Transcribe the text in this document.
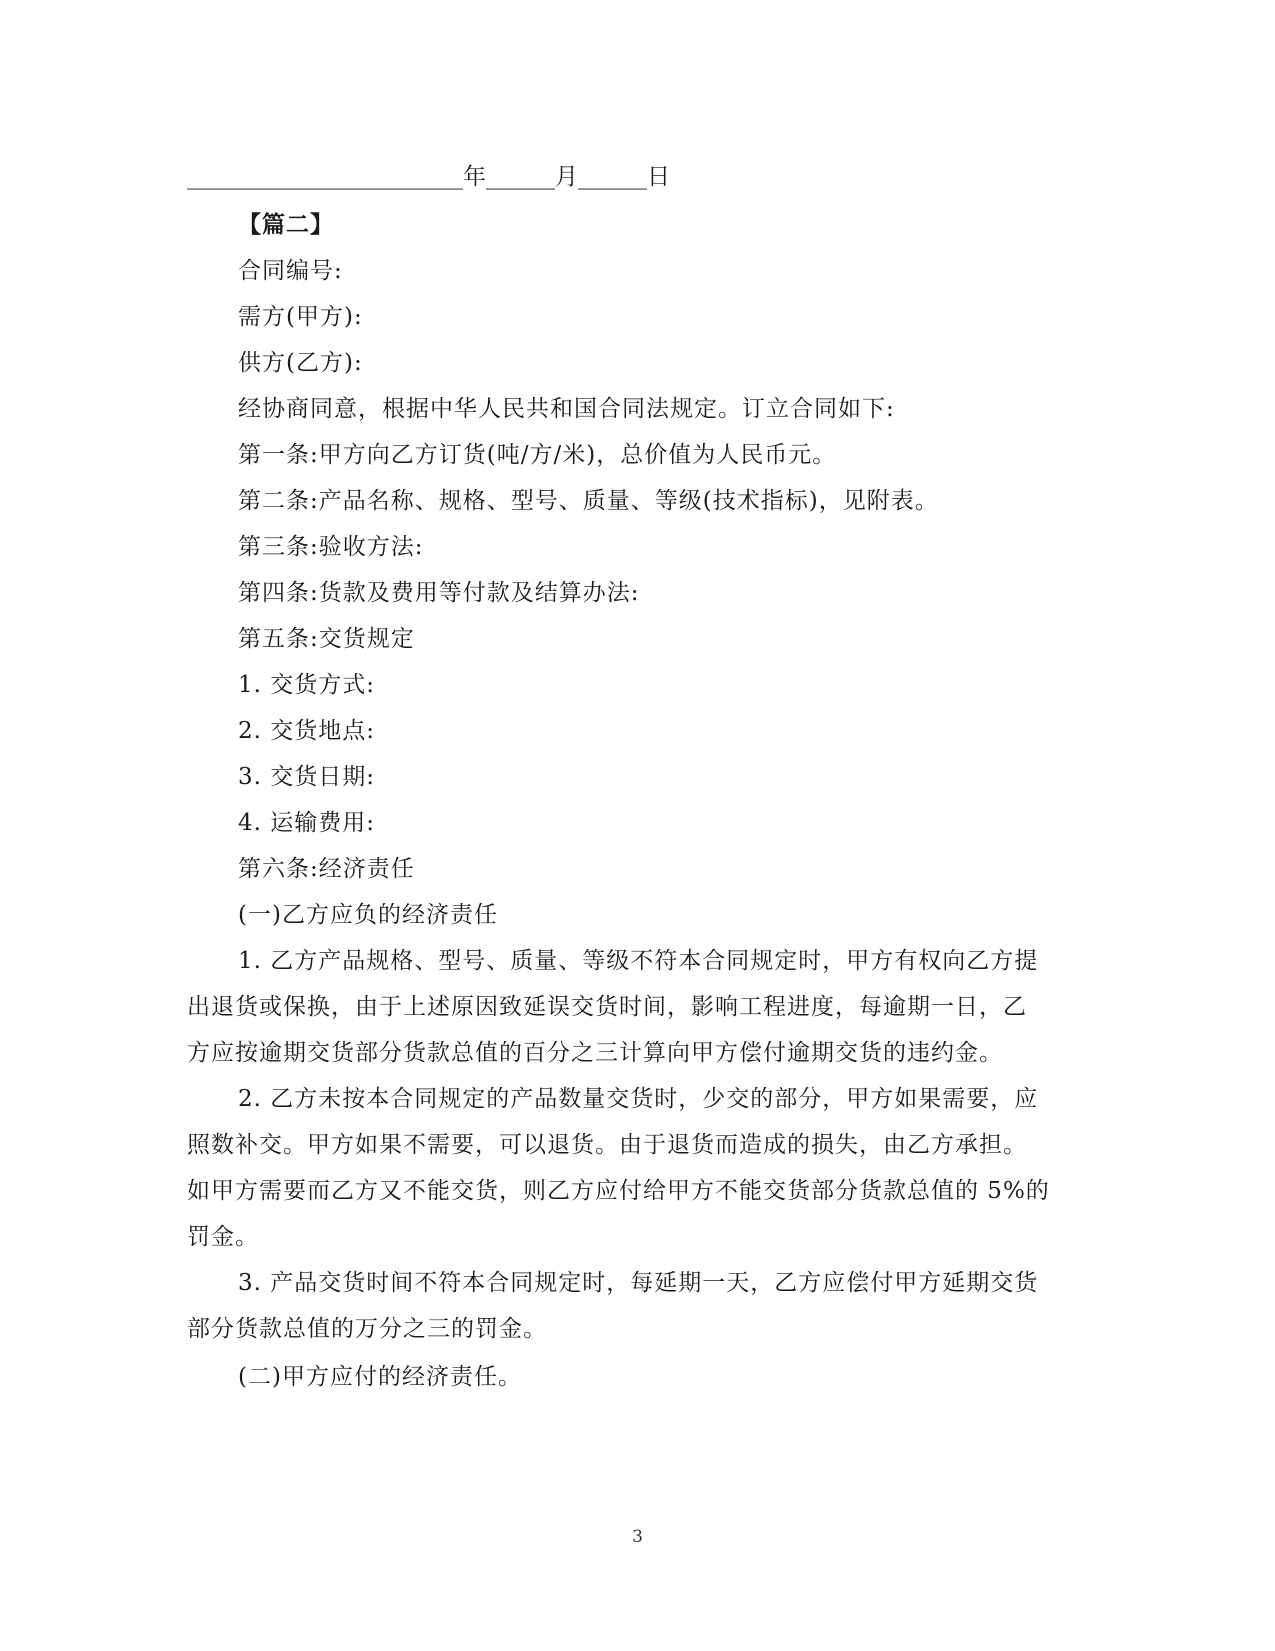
________________________年______月______日
【篇二】
合同编号:
需方(甲方):
供方(乙方):
经协商同意，根据中华人民共和国合同法规定。订立合同如下:
第一条:甲方向乙方订货(吨/方/米)，总价值为人民币元。
第二条:产品名称、规格、型号、质量、等级(技术指标)，见附表。
第三条:验收方法:
第四条:货款及费用等付款及结算办法:
第五条:交货规定
1. 交货方式:
2. 交货地点:
3. 交货日期:
4. 运输费用:
第六条:经济责任
(一)乙方应负的经济责任
1. 乙方产品规格、型号、质量、等级不符本合同规定时，甲方有权向乙方提
出退货或保换，由于上述原因致延误交货时间，影响工程进度，每逾期一日，乙
方应按逾期交货部分货款总值的百分之三计算向甲方偿付逾期交货的违约金。
2. 乙方未按本合同规定的产品数量交货时，少交的部分，甲方如果需要，应
照数补交。甲方如果不需要，可以退货。由于退货而造成的损失，由乙方承担。
如甲方需要而乙方又不能交货，则乙方应付给甲方不能交货部分货款总值的 5%的
罚金。
3. 产品交货时间不符本合同规定时，每延期一天，乙方应偿付甲方延期交货
部分货款总值的万分之三的罚金。
(二)甲方应付的经济责任。
3
